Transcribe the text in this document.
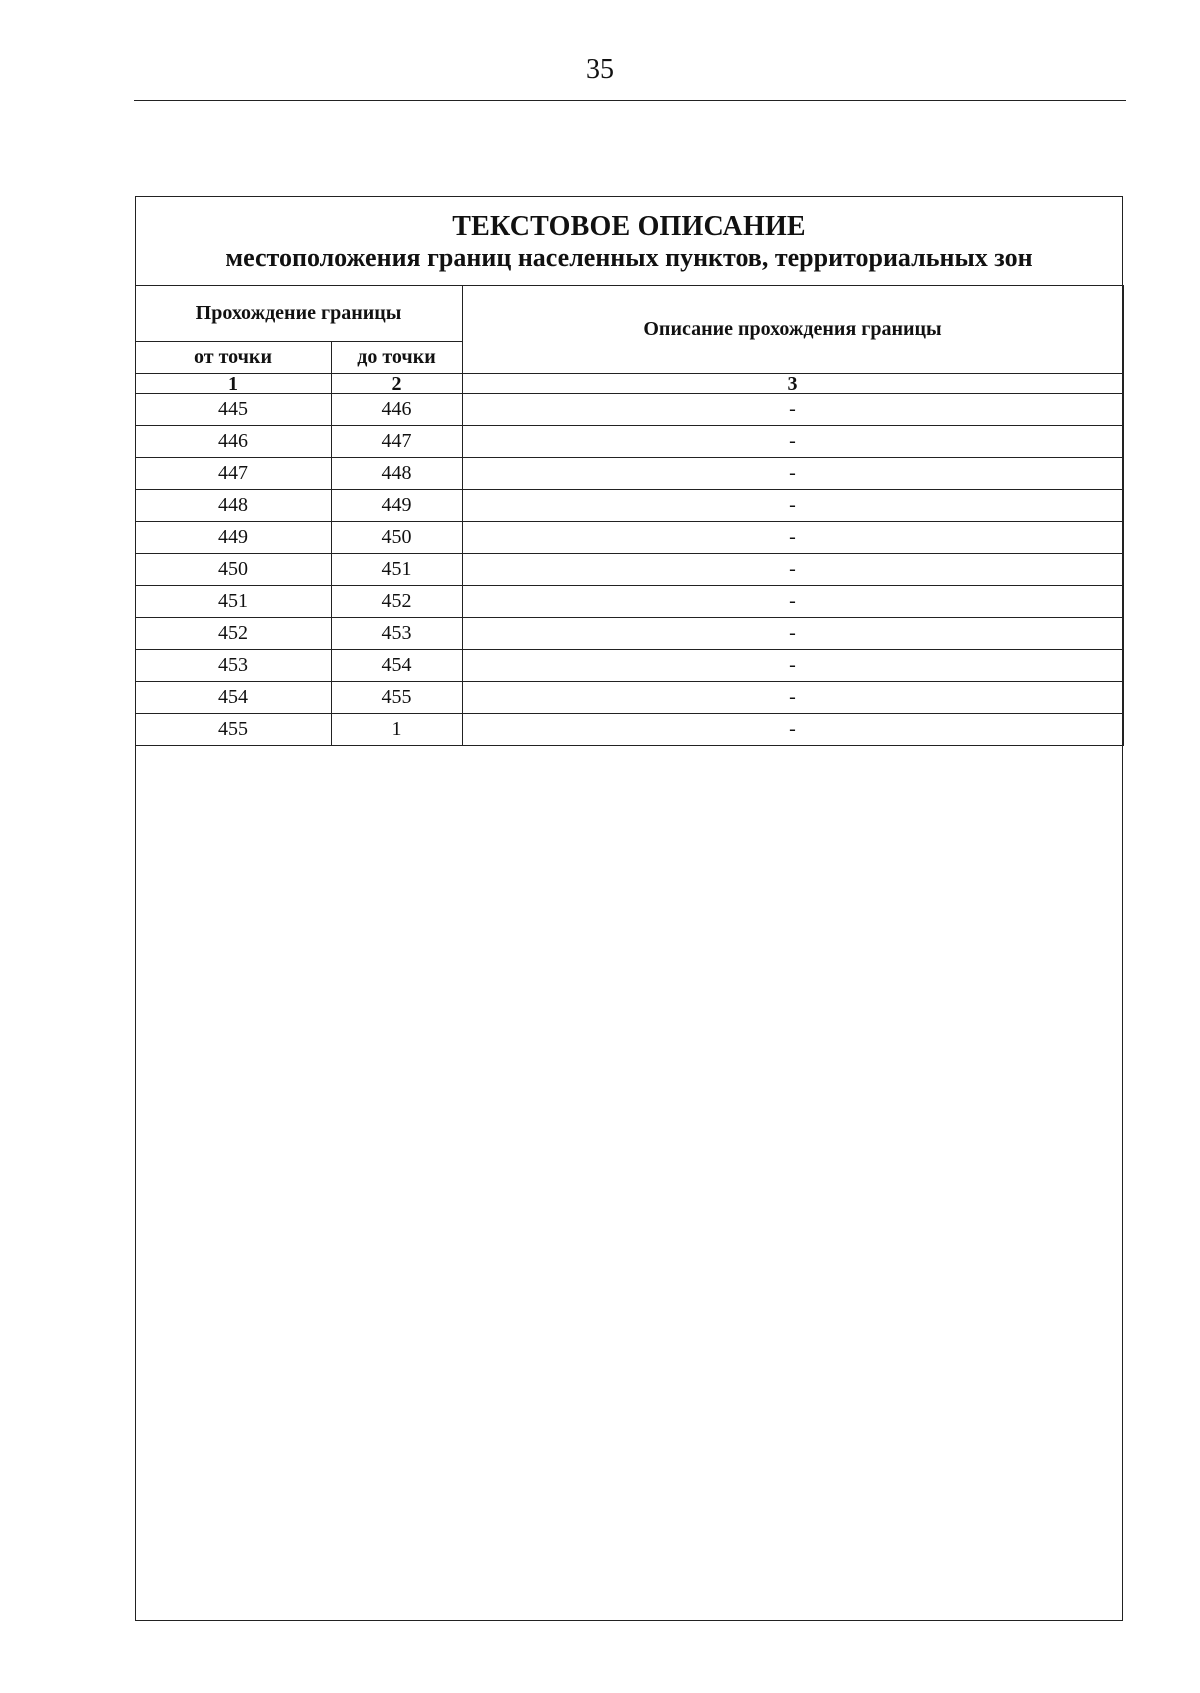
35
ТЕКСТОВОЕ ОПИСАНИЕ
местоположения границ населенных пунктов, территориальных зон
Прохождение границы		Описание прохождения границы
от точки	до точки	
1	2	3
445	446	-
446	447	-
447	448	-
448	449	-
449	450	-
450	451	-
451	452	-
452	453	-
453	454	-
454	455	-
455	1	-
